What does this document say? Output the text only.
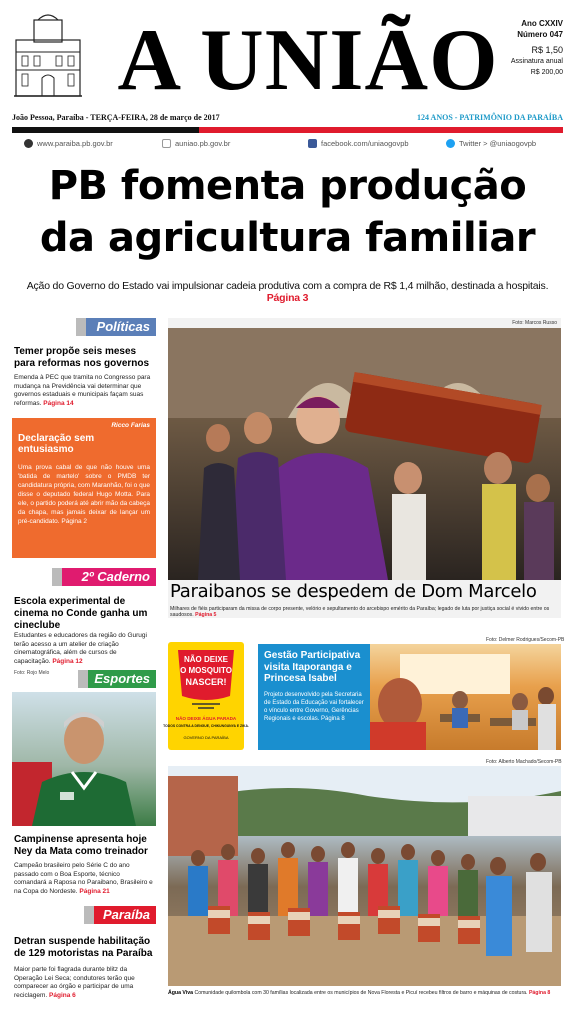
A UNIÃO	Ano CXXIV
Número 047
R$ 1,50
Assinatura anual
R$ 200,00
João Pessoa, Paraíba - TERÇA-FEIRA, 28 de março de 2017	124 ANOS - PATRIMÔNIO DA PARAÍBA
www.paraiba.pb.gov.br	auniao.pb.gov.br	facebook.com/uniaogovpb	Twitter > @uniaogovpb
PB fomenta produção
da agricultura familiar
Ação do Governo do Estado vai impulsionar cadeia produtiva com a compra de R$ 1,4 milhão, destinada a hospitais. Página 3
Políticas
Temer propõe seis meses para reformas nos governos
Emenda à PEC que tramita no Congresso para mudança na Previdência vai determinar que governos estaduais e municipais façam suas reformas. Página 14
Ricco Farias
Declaração sem entusiasmo
Uma prova cabal de que não houve uma 'batida de martelo' sobre o PMDB ter candidatura própria, com Maranhão, foi o que disse o deputado federal Hugo Motta. Para ele, o partido poderá até abrir mão da cabeça da chapa, mas jamais deixar de lançar um pré-candidato. Página 2
2º Caderno
Escola experimental de cinema no Conde ganha um cineclube
Estudantes e educadores da região do Gurugi terão acesso a um atelier de criação cinematográfica, além de cursos de capacitação. Página 12
Foto: Rojo Melo	Esportes
Campinense apresenta hoje Ney da Mata como treinador
Campeão brasileiro pelo Série C do ano passado com o Boa Esporte, técnico comandará a Raposa no Paraibano, Brasileiro e na Copa do Nordeste. Página 21
Paraíba
Detran suspende habilitação de 129 motoristas na Paraíba
Maior parte foi flagrada durante blitz da Operação Lei Seca; condutores terão que comparecer ao órgão e participar de uma reciclagem. Página 6
Foto: Marcos Russo
Paraibanos se despedem de Dom Marcelo
Milhares de fiéis participaram da missa de corpo presente, velório e sepultamento do arcebispo emérito da Paraíba; legado de luta por justiça social é vivido entre os saudosos. Página 5
NÃO DEIXE
O MOSQUITO
NASCER!
NÃO DEIXE ÁGUA PARADA
TODOS CONTRA A DENGUE, CHIKUNGUNYA E ZIKA.
GOVERNO DA PARAÍBA
Foto: Delmer Rodrigues/Secom-PB
Gestão Participativa visita Itaporanga e Princesa Isabel
Projeto desenvolvido pela Secretaria de Estado da Educação vai fortalecer o vínculo entre Governo, Gerências Regionais e escolas. Página 8
Foto: Alberto Machado/Secom-PB
Água Viva Comunidade quilombola com 30 famílias localizada entre os municípios de Nova Floresta e Picuí recebeu filtros de barro e máquinas de costura. Página 8
